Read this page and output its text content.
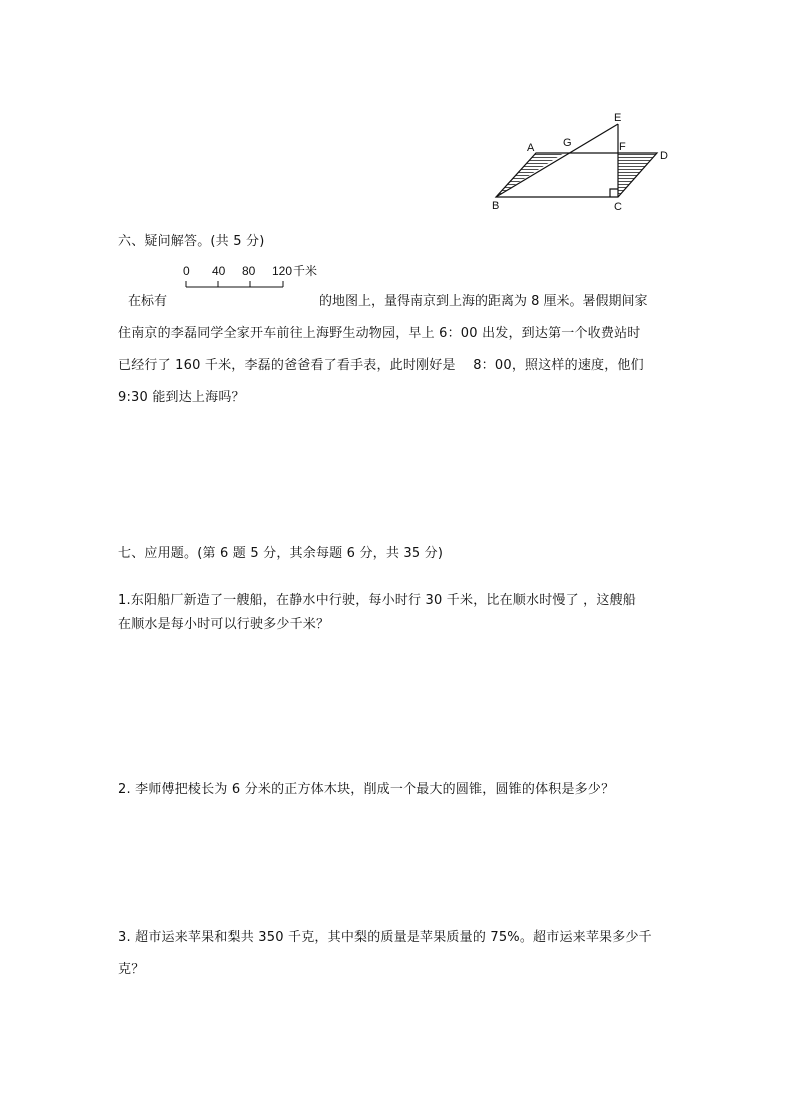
A	G
E
F
D
B	C
六、疑问解答。(共 5 分)
0 40 80 120 千米
在标有	的地图上，量得南京到上海的距离为 8 厘米。暑假期间家
住南京的李磊同学全家开车前往上海野生动物园，早上 6：00 出发，到达第一个收费站时
已经行了 160 千米，李磊的爸爸看了看手表，此时刚好是　 8：00，照这样的速度，他们
9:30 能到达上海吗？
七、应用题。(第 6 题 5 分，其余每题 6 分，共 35 分)
1.东阳船厂新造了一艘船，在静水中行驶，每小时行 30 千米，比在顺水时慢了 ，这艘船
在顺水是每小时可以行驶多少千米？
2. 李师傅把棱长为 6 分米的正方体木块，削成一个最大的圆锥，圆锥的体积是多少？
3. 超市运来苹果和梨共 350 千克，其中梨的质量是苹果质量的 75%。超市运来苹果多少千
克？
